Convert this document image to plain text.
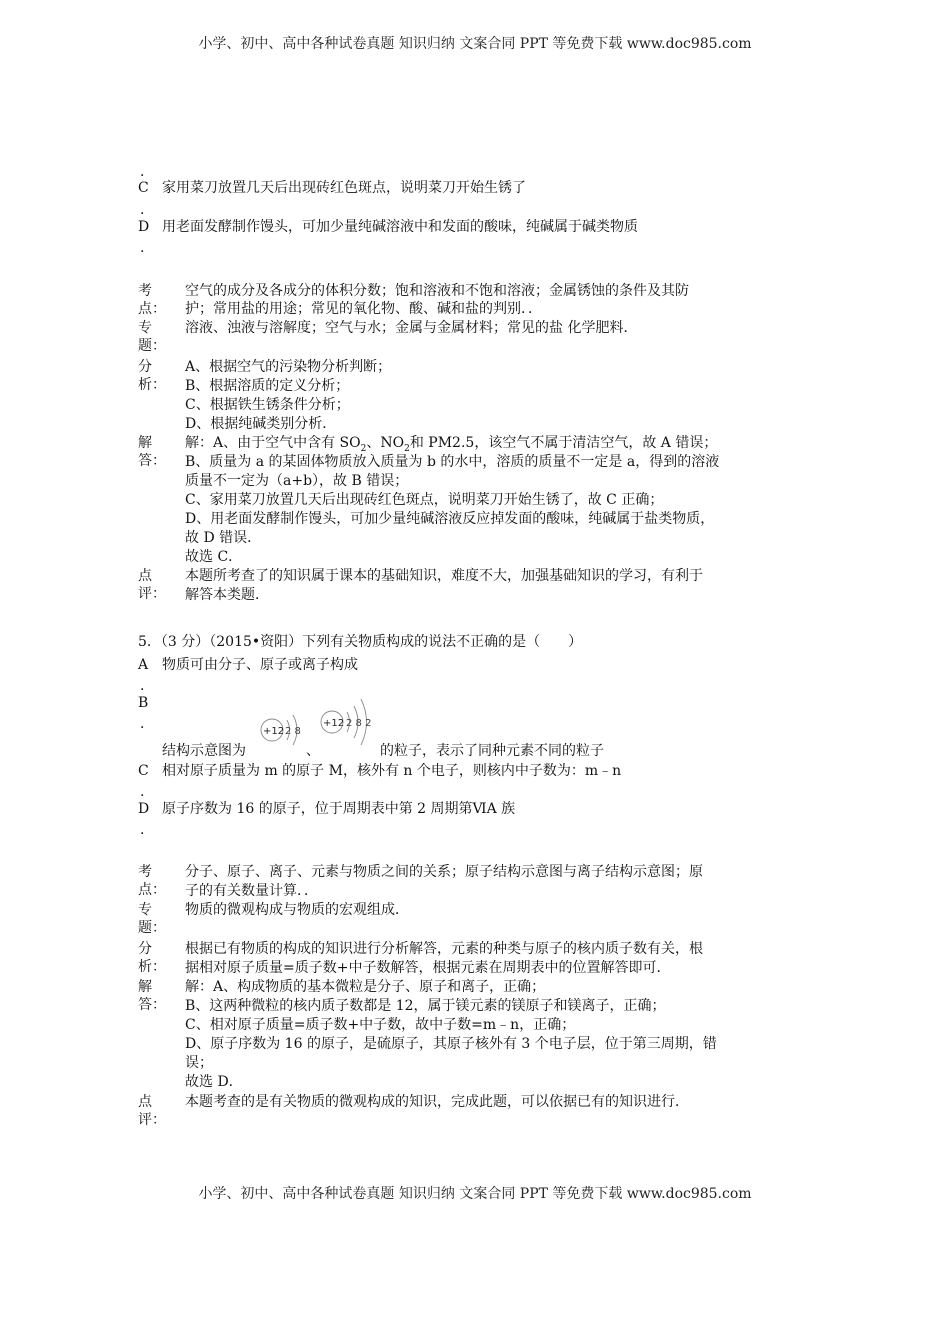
小学、初中、高中各种试卷真题 知识归纳 文案合同 PPT 等免费下载 www.doc985.com
.
C 家用菜刀放置几天后出现砖红色斑点，说明菜刀开始生锈了
.
D 用老面发酵制作馒头，可加少量纯碱溶液中和发面的酸味，纯碱属于碱类物质
.
考
点：
空气的成分及各成分的体积分数；饱和溶液和不饱和溶液；金属锈蚀的条件及其防
护；常用盐的用途；常见的氧化物、酸、碱和盐的判别．．
专
题：
溶液、浊液与溶解度；空气与水；金属与金属材料；常见的盐 化学肥料．
分
析：
A、根据空气的污染物分析判断；
B、根据溶质的定义分析；
C、根据铁生锈条件分析；
D、根据纯碱类别分析．
解
答：
解：A、由于空气中含有 $SO_2$、$NO_2$和 PM2.5，该空气不属于清洁空气，故 A 错误；
B、质量为 a 的某固体物质放入质量为 b 的水中，溶质的质量不一定是 a，得到的溶液
质量不一定为（a+b），故 B 错误；
C、家用菜刀放置几天后出现砖红色斑点，说明菜刀开始生锈了，故 C 正确；
D、用老面发酵制作馒头，可加少量纯碱溶液反应掉发面的酸味，纯碱属于盐类物质，
故 D 错误．
故选 C．
点
评：
本题所考查了的知识属于课本的基础知识，难度不大，加强基础知识的学习，有利于
解答本类题．
5．（3 分）（2015•资阳）下列有关物质构成的说法不正确的是（　　）
A 物质可由分子、原子或离子构成
.
B
.	+12 2 8
+12 2 8 2
结构示意图为	、	的粒子，表示了同种元素不同的粒子
C 相对原子质量为 m 的原子 M，核外有 n 个电子，则核内中子数为：m﹣n
.
D 原子序数为 16 的原子，位于周期表中第 2 周期第ⅥA 族
.
考
点：
分子、原子、离子、元素与物质之间的关系；原子结构示意图与离子结构示意图；原
子的有关数量计算．．
专
题：
物质的微观构成与物质的宏观组成．
分
析：
根据已有物质的构成的知识进行分析解答，元素的种类与原子的核内质子数有关，根
据相对原子质量=质子数+中子数解答，根据元素在周期表中的位置解答即可．
解
答：
解：A、构成物质的基本微粒是分子、原子和离子，正确；
B、这两种微粒的核内质子数都是 12，属于镁元素的镁原子和镁离子，正确；
C、相对原子质量=质子数+中子数，故中子数=m﹣n，正确；
D、原子序数为 16 的原子，是硫原子，其原子核外有 3 个电子层，位于第三周期，错
误；
故选 D．
点
评：
本题考查的是有关物质的微观构成的知识，完成此题，可以依据已有的知识进行．
小学、初中、高中各种试卷真题 知识归纳 文案合同 PPT 等免费下载 www.doc985.com
